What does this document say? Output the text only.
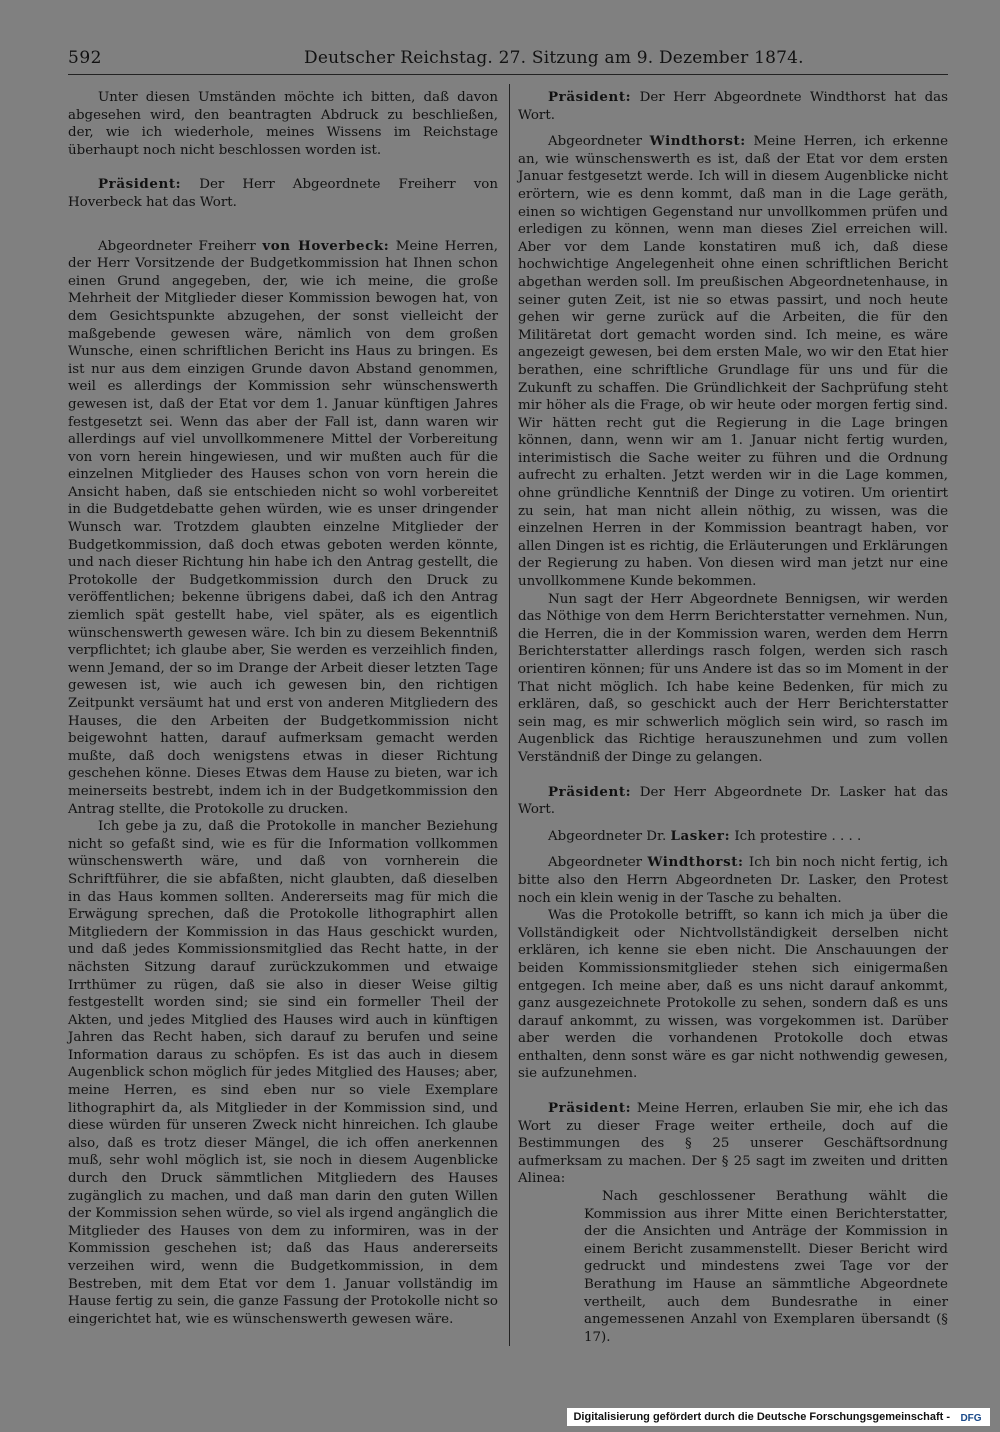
592	Deutscher Reichstag. 27. Sitzung am 9. Dezember 1874.

Unter diesen Umständen möchte ich bitten, daß davon abgesehen wird, den beantragten Abdruck zu beschließen, der, wie ich wiederhole, meines Wissens im Reichstage überhaupt noch nicht beschlossen worden ist.

Präsident: Der Herr Abgeordnete Freiherr von Hoverbeck hat das Wort.

Abgeordneter Freiherr von Hoverbeck: Meine Herren, der Herr Vorsitzende der Budgetkommission hat Ihnen schon einen Grund angegeben, der, wie ich meine, die große Mehrheit der Mitglieder dieser Kommission bewogen hat, von dem Gesichtspunkte abzugehen, der sonst vielleicht der maßgebende gewesen wäre, nämlich von dem großen Wunsche, einen schriftlichen Bericht ins Haus zu bringen. Es ist nur aus dem einzigen Grunde davon Abstand genommen, weil es allerdings der Kommission sehr wünschenswerth gewesen ist, daß der Etat vor dem 1. Januar künftigen Jahres festgesetzt sei. Wenn das aber der Fall ist, dann waren wir allerdings auf viel unvollkommenere Mittel der Vorbereitung von vorn herein hingewiesen, und wir mußten auch für die einzelnen Mitglieder des Hauses schon von vorn herein die Ansicht haben, daß sie entschieden nicht so wohl vorbereitet in die Budgetdebatte gehen würden, wie es unser dringender Wunsch war. Trotzdem glaubten einzelne Mitglieder der Budgetkommission, daß doch etwas geboten werden könnte, und nach dieser Richtung hin habe ich den Antrag gestellt, die Protokolle der Budgetkommission durch den Druck zu veröffentlichen; bekenne übrigens dabei, daß ich den Antrag ziemlich spät gestellt habe, viel später, als es eigentlich wünschenswerth gewesen wäre. Ich bin zu diesem Bekenntniß verpflichtet; ich glaube aber, Sie werden es verzeihlich finden, wenn Jemand, der so im Drange der Arbeit dieser letzten Tage gewesen ist, wie auch ich gewesen bin, den richtigen Zeitpunkt versäumt hat und erst von anderen Mitgliedern des Hauses, die den Arbeiten der Budgetkommission nicht beigewohnt hatten, darauf aufmerksam gemacht werden mußte, daß doch wenigstens etwas in dieser Richtung geschehen könne. Dieses Etwas dem Hause zu bieten, war ich meinerseits bestrebt, indem ich in der Budgetkommission den Antrag stellte, die Protokolle zu drucken.

Ich gebe ja zu, daß die Protokolle in mancher Beziehung nicht so gefaßt sind, wie es für die Information vollkommen wünschenswerth wäre, und daß von vornherein die Schriftführer, die sie abfaßten, nicht glaubten, daß dieselben in das Haus kommen sollten. Andererseits mag für mich die Erwägung sprechen, daß die Protokolle lithographirt allen Mitgliedern der Kommission in das Haus geschickt wurden, und daß jedes Kommissionsmitglied das Recht hatte, in der nächsten Sitzung darauf zurückzukommen und etwaige Irrthümer zu rügen, daß sie also in dieser Weise giltig festgestellt worden sind; sie sind ein formeller Theil der Akten, und jedes Mitglied des Hauses wird auch in künftigen Jahren das Recht haben, sich darauf zu berufen und seine Information daraus zu schöpfen. Es ist das auch in diesem Augenblick schon möglich für jedes Mitglied des Hauses; aber, meine Herren, es sind eben nur so viele Exemplare lithographirt da, als Mitglieder in der Kommission sind, und diese würden für unseren Zweck nicht hinreichen. Ich glaube also, daß es trotz dieser Mängel, die ich offen anerkennen muß, sehr wohl möglich ist, sie noch in diesem Augenblicke durch den Druck sämmtlichen Mitgliedern des Hauses zugänglich zu machen, und daß man darin den guten Willen der Kommission sehen würde, so viel als irgend angänglich die Mitglieder des Hauses von dem zu informiren, was in der Kommission geschehen ist; daß das Haus andererseits verzeihen wird, wenn die Budgetkommission, in dem Bestreben, mit dem Etat vor dem 1. Januar vollständig im Hause fertig zu sein, die ganze Fassung der Protokolle nicht so eingerichtet hat, wie es wünschenswerth gewesen wäre.

Präsident: Der Herr Abgeordnete Windthorst hat das Wort.

Abgeordneter Windthorst: Meine Herren, ich erkenne an, wie wünschenswerth es ist, daß der Etat vor dem ersten Januar festgesetzt werde. Ich will in diesem Augenblicke nicht erörtern, wie es denn kommt, daß man in die Lage geräth, einen so wichtigen Gegenstand nur unvollkommen prüfen und erledigen zu können, wenn man dieses Ziel erreichen will. Aber vor dem Lande konstatiren muß ich, daß diese hochwichtige Angelegenheit ohne einen schriftlichen Bericht abgethan werden soll. Im preußischen Abgeordnetenhause, in seiner guten Zeit, ist nie so etwas passirt, und noch heute gehen wir gerne zurück auf die Arbeiten, die für den Militäretat dort gemacht worden sind. Ich meine, es wäre angezeigt gewesen, bei dem ersten Male, wo wir den Etat hier berathen, eine schriftliche Grundlage für uns und für die Zukunft zu schaffen. Die Gründlichkeit der Sachprüfung steht mir höher als die Frage, ob wir heute oder morgen fertig sind. Wir hätten recht gut die Regierung in die Lage bringen können, dann, wenn wir am 1. Januar nicht fertig wurden, interimistisch die Sache weiter zu führen und die Ordnung aufrecht zu erhalten. Jetzt werden wir in die Lage kommen, ohne gründliche Kenntniß der Dinge zu votiren. Um orientirt zu sein, hat man nicht allein nöthig, zu wissen, was die einzelnen Herren in der Kommission beantragt haben, vor allen Dingen ist es richtig, die Erläuterungen und Erklärungen der Regierung zu haben. Von diesen wird man jetzt nur eine unvollkommene Kunde bekommen.

Nun sagt der Herr Abgeordnete Bennigsen, wir werden das Nöthige von dem Herrn Berichterstatter vernehmen. Nun, die Herren, die in der Kommission waren, werden dem Herrn Berichterstatter allerdings rasch folgen, werden sich rasch orientiren können; für uns Andere ist das so im Moment in der That nicht möglich. Ich habe keine Bedenken, für mich zu erklären, daß, so geschickt auch der Herr Berichterstatter sein mag, es mir schwerlich möglich sein wird, so rasch im Augenblick das Richtige herauszunehmen und zum vollen Verständniß der Dinge zu gelangen.

Präsident: Der Herr Abgeordnete Dr. Lasker hat das Wort.

Abgeordneter Dr. Lasker: Ich protestire . . . .

Abgeordneter Windthorst: Ich bin noch nicht fertig, ich bitte also den Herrn Abgeordneten Dr. Lasker, den Protest noch ein klein wenig in der Tasche zu behalten.

Was die Protokolle betrifft, so kann ich mich ja über die Vollständigkeit oder Nichtvollständigkeit derselben nicht erklären, ich kenne sie eben nicht. Die Anschauungen der beiden Kommissionsmitglieder stehen sich einigermaßen entgegen. Ich meine aber, daß es uns nicht darauf ankommt, ganz ausgezeichnete Protokolle zu sehen, sondern daß es uns darauf ankommt, zu wissen, was vorgekommen ist. Darüber aber werden die vorhandenen Protokolle doch etwas enthalten, denn sonst wäre es gar nicht nothwendig gewesen, sie aufzunehmen.

Präsident: Meine Herren, erlauben Sie mir, ehe ich das Wort zu dieser Frage weiter ertheile, doch auf die Bestimmungen des § 25 unserer Geschäftsordnung aufmerksam zu machen. Der § 25 sagt im zweiten und dritten Alinea:

Nach geschlossener Berathung wählt die Kommission aus ihrer Mitte einen Berichterstatter, der die Ansichten und Anträge der Kommission in einem Bericht zusammenstellt. Dieser Bericht wird gedruckt und mindestens zwei Tage vor der Berathung im Hause an sämmtliche Abgeordnete vertheilt, auch dem Bundesrathe in einer angemessenen Anzahl von Exemplaren übersandt (§ 17).

Digitalisierung gefördert durch die Deutsche Forschungsgemeinschaft - DFG
